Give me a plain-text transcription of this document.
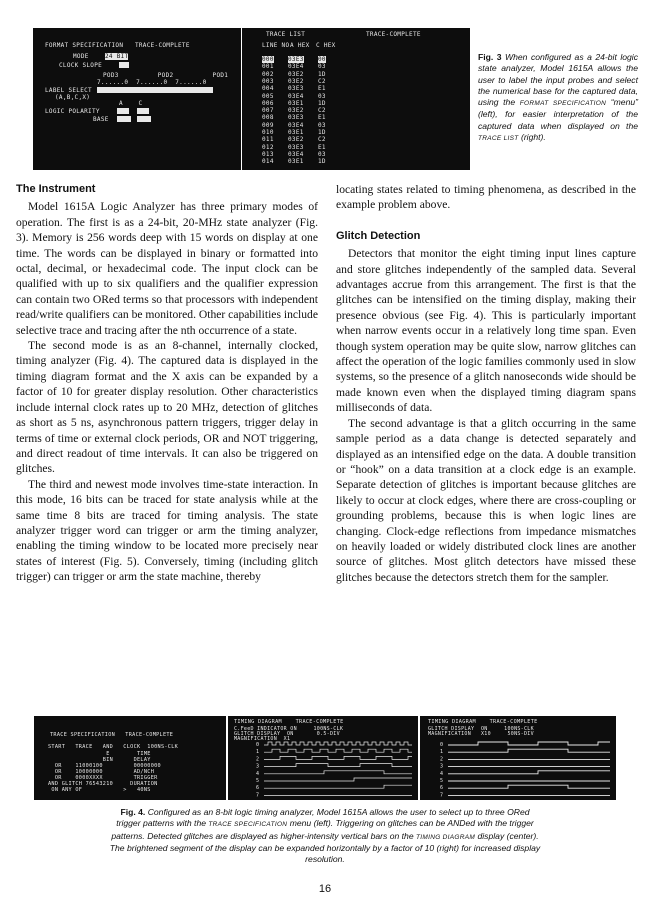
FORMAT SPECIFICATION   TRACE-COMPLETE
MODE	24 BIT
CLOCK SLOPE
POD3          POD2          POD1
7......0  7......0  7......0
LABEL SELECT
(A,B,C,X)
LOGIC POLARITY
A    C
BASE
TRACE LIST	TRACE-COMPLETE
LINE NO A HEX C HEX
000 03E3 00
001 03E4 03
002 03E2 1D
003 03E2 C2
004 03E3 E1
005 03E4 03
006 03E1 1D
007 03E2 C2
008 03E3 E1
009 03E4 03
010 03E1 1D
011 03E2 C2
012 03E3 E1
013 03E4 03
014 03E1 1D
Fig. 3 When configured as a 24-bit logic state analyzer, Model 1615A allows the user to label the input probes and select the numerical base for the captured data, using the FORMAT SPECIFICATION “menu” (left), for easier interpretation of the captured data when displayed on the TRACE LIST (right).
The Instrument

Model 1615A Logic Analyzer has three primary modes of operation. The first is as a 24-bit, 20-MHz state analyzer (Fig. 3). Memory is 256 words deep with 15 words on display at one time. The words can be displayed in binary or formatted into octal, decimal, or hexadecimal code. The input clock can be qualified with up to six qualifiers and the qualifier expression can contain two ORed terms so that processors with independent read/write qualifiers can be monitored. Other capabilities include selective trace and tracing after the nth occurrence of a state.

The second mode is as an 8-channel, internally clocked, timing analyzer (Fig. 4). The captured data is displayed in the timing diagram format and the X axis can be expanded by a factor of 10 for greater display resolution. Other characteristics include internal clock rates up to 20 MHz, detection of glitches as short as 5 ns, asynchronous pattern triggers, trigger delay in terms of time or external clock periods, OR and NOT triggering, and direct readout of time intervals. It can also be triggered on glitches.

The third and newest mode involves time-state interaction. In this mode, 16 bits can be traced for state analysis while at the same time 8 bits are traced for timing analysis. The state analyzer trigger word can trigger or arm the timing analyzer, enabling the timing window to be located more precisely near states of interest (Fig. 5). Conversely, timing (including glitch trigger) can trigger or arm the state machine, thereby

locating states related to timing phenomena, as described in the example problem above.

Glitch Detection

Detectors that monitor the eight timing input lines capture and store glitches independently of the sampled data. Several advantages accrue from this arrangement. The first is that the glitches can be intensified on the timing display, making their presence obvious (see Fig. 4). This is particularly important when narrow events occur in a relatively long time span. Even though system operation may be quite slow, narrow glitches can affect the operation of the logic families commonly used in slow systems, so the presence of a glitch nanoseconds wide should be made known even when the displayed timing diagram spans milliseconds of data.

The second advantage is that a glitch occurring in the same sample period as a data change is detected separately and displayed as an intensified edge on the data. A double transition or “hook” on a data transition at a clock edge is an example. Separate detection of glitches is important because glitches are likely to occur at clock edges, where there are cross-coupling or grounding problems, because this is when logic lines are changing. Clock-edge reflections from impedance mismatches on heavily loaded or widely distributed clock lines are another source of glitches. Most glitch detectors have missed these glitches because the detectors stretch them for the sampler.

TRACE SPECIFICATION   TRACE-COMPLETE
START   TRACE   AND   CLOCK  100NS-CLK
E        TIME
BIN      DELAY
OR    11000100         00000000
OR    10000000         AD/NCH
OR    0000XXXX         TRIGGER
AND GLITCH 76543210     DURATION
ON ANY OF            >   40NS
TIMING DIAGRAM    TRACE-COMPLETE
C.FeeD INDICATOR ON     100NS-CLK
GLITCH DISPLAY  ON       0.5-DIV
MAGNIFICATION  X1
0
1
2
3
4
5
6
7
TIMING DIAGRAM    TRACE-COMPLETE
GLITCH DISPLAY  ON     100NS-CLK
MAGNIFICATION   X10     50NS-DIV
0
1
2
3
4
5
6
7
Fig. 4. Configured as an 8-bit logic timing analyzer, Model 1615A allows the user to select up to three ORed trigger patterns with the TRACE SPECIFICATION menu (left). Triggering on glitches can be ANDed with the trigger patterns. Detected glitches are displayed as higher-intensity vertical bars on the TIMING DIAGRAM display (center). The brightened segment of the display can be expanded horizontally by a factor of 10 (right) for increased display resolution.
16
